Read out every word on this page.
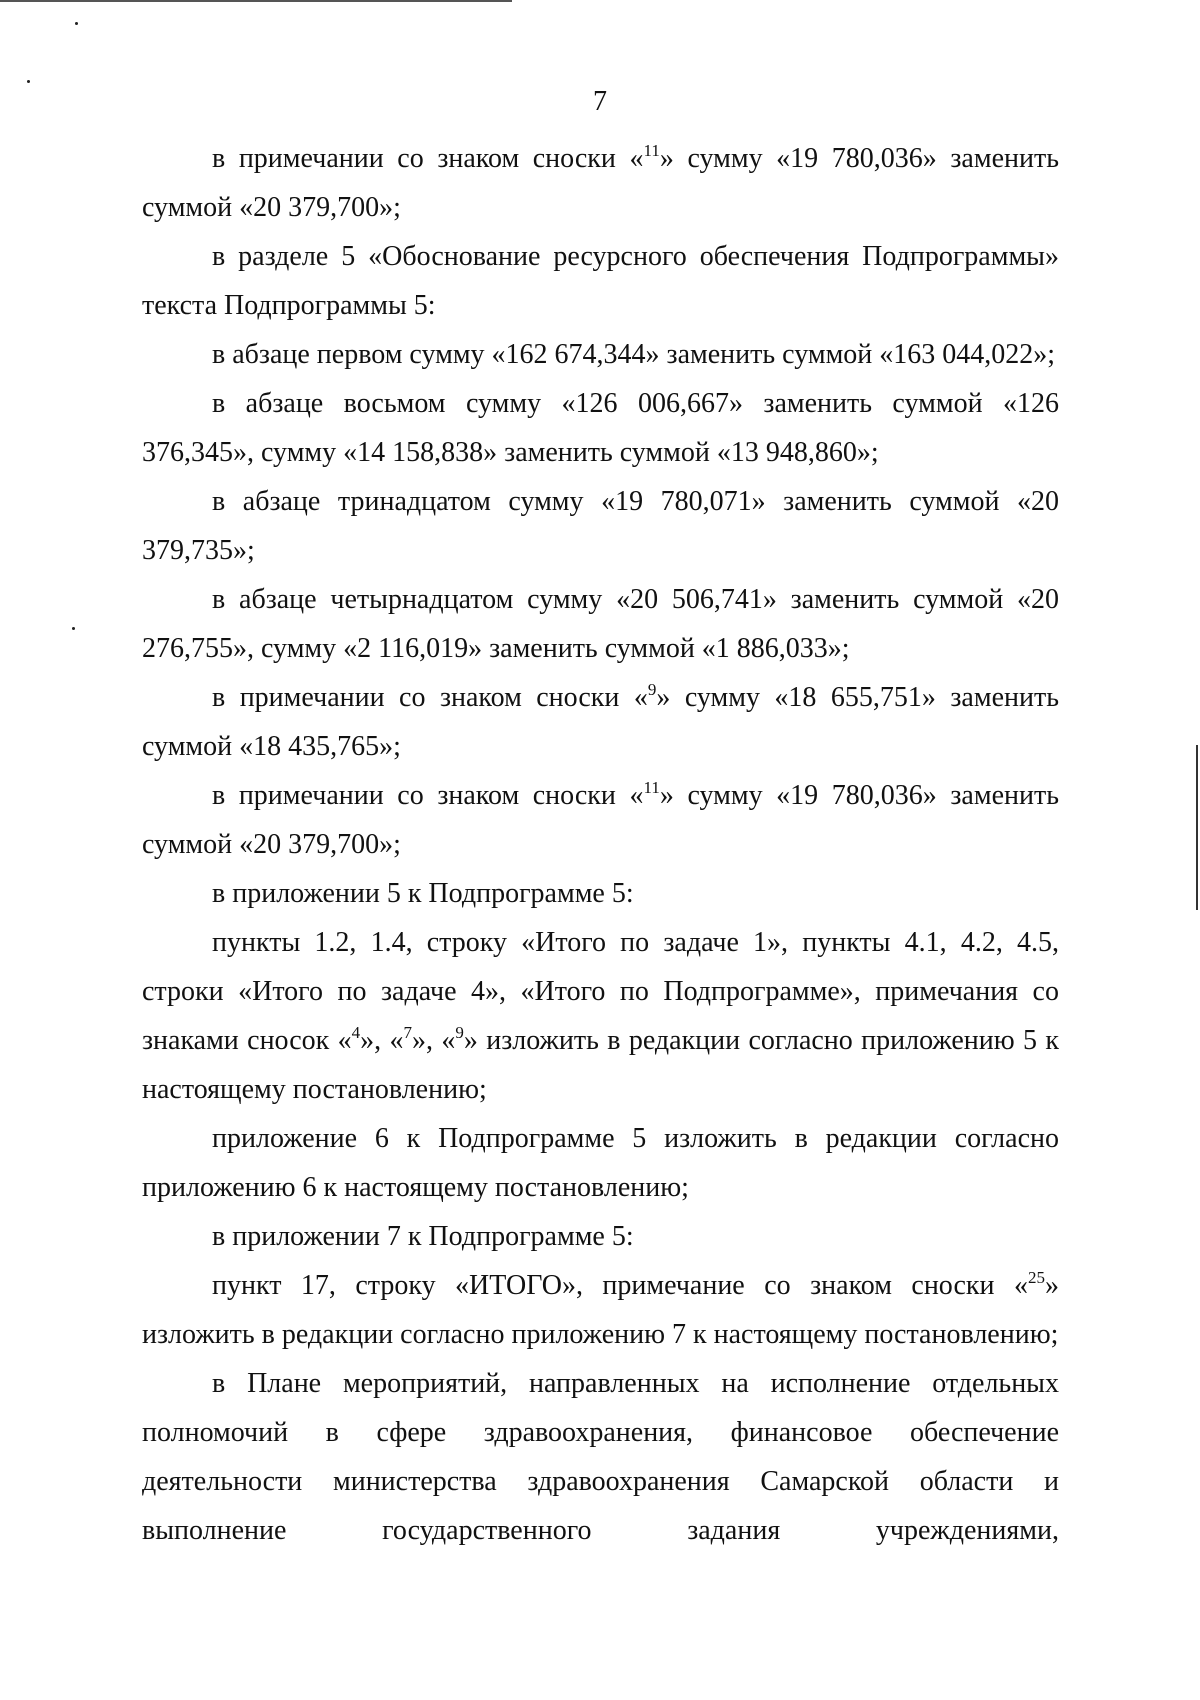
7

в примечании со знаком сноски «$^{11}$» сумму «19 780,036» заменить суммой «20 379,700»;

в разделе 5 «Обоснование ресурсного обеспечения Подпрограммы» текста Подпрограммы 5:

в абзаце первом сумму «162 674,344» заменить суммой «163 044,022»;

в абзаце восьмом сумму «126 006,667» заменить суммой «126 376,345», сумму «14 158,838» заменить суммой «13 948,860»;

в абзаце тринадцатом сумму «19 780,071» заменить суммой «20 379,735»;

в абзаце четырнадцатом сумму «20 506,741» заменить суммой «20 276,755», сумму «2 116,019» заменить суммой «1 886,033»;

в примечании со знаком сноски «$^9$» сумму «18 655,751» заменить суммой «18 435,765»;

в примечании со знаком сноски «$^{11}$» сумму «19 780,036» заменить суммой «20 379,700»;

в приложении 5 к Подпрограмме 5:

пункты 1.2, 1.4, строку «Итого по задаче 1», пункты 4.1, 4.2, 4.5, строки «Итого по задаче 4», «Итого по Подпрограмме», примечания со знаками сносок «$^4$», «$^7$», «$^9$» изложить в редакции согласно приложению 5 к настоящему постановлению;

приложение 6 к Подпрограмме 5 изложить в редакции согласно приложению 6 к настоящему постановлению;

в приложении 7 к Подпрограмме 5:

пункт 17, строку «ИТОГО», примечание со знаком сноски «$^{25}$» изложить в редакции согласно приложению 7 к настоящему постановлению;

в Плане мероприятий, направленных на исполнение отдельных полномочий в сфере здравоохранения, финансовое обеспечение деятельности министерства здравоохранения Самарской области и выполнение государственного задания учреждениями,
